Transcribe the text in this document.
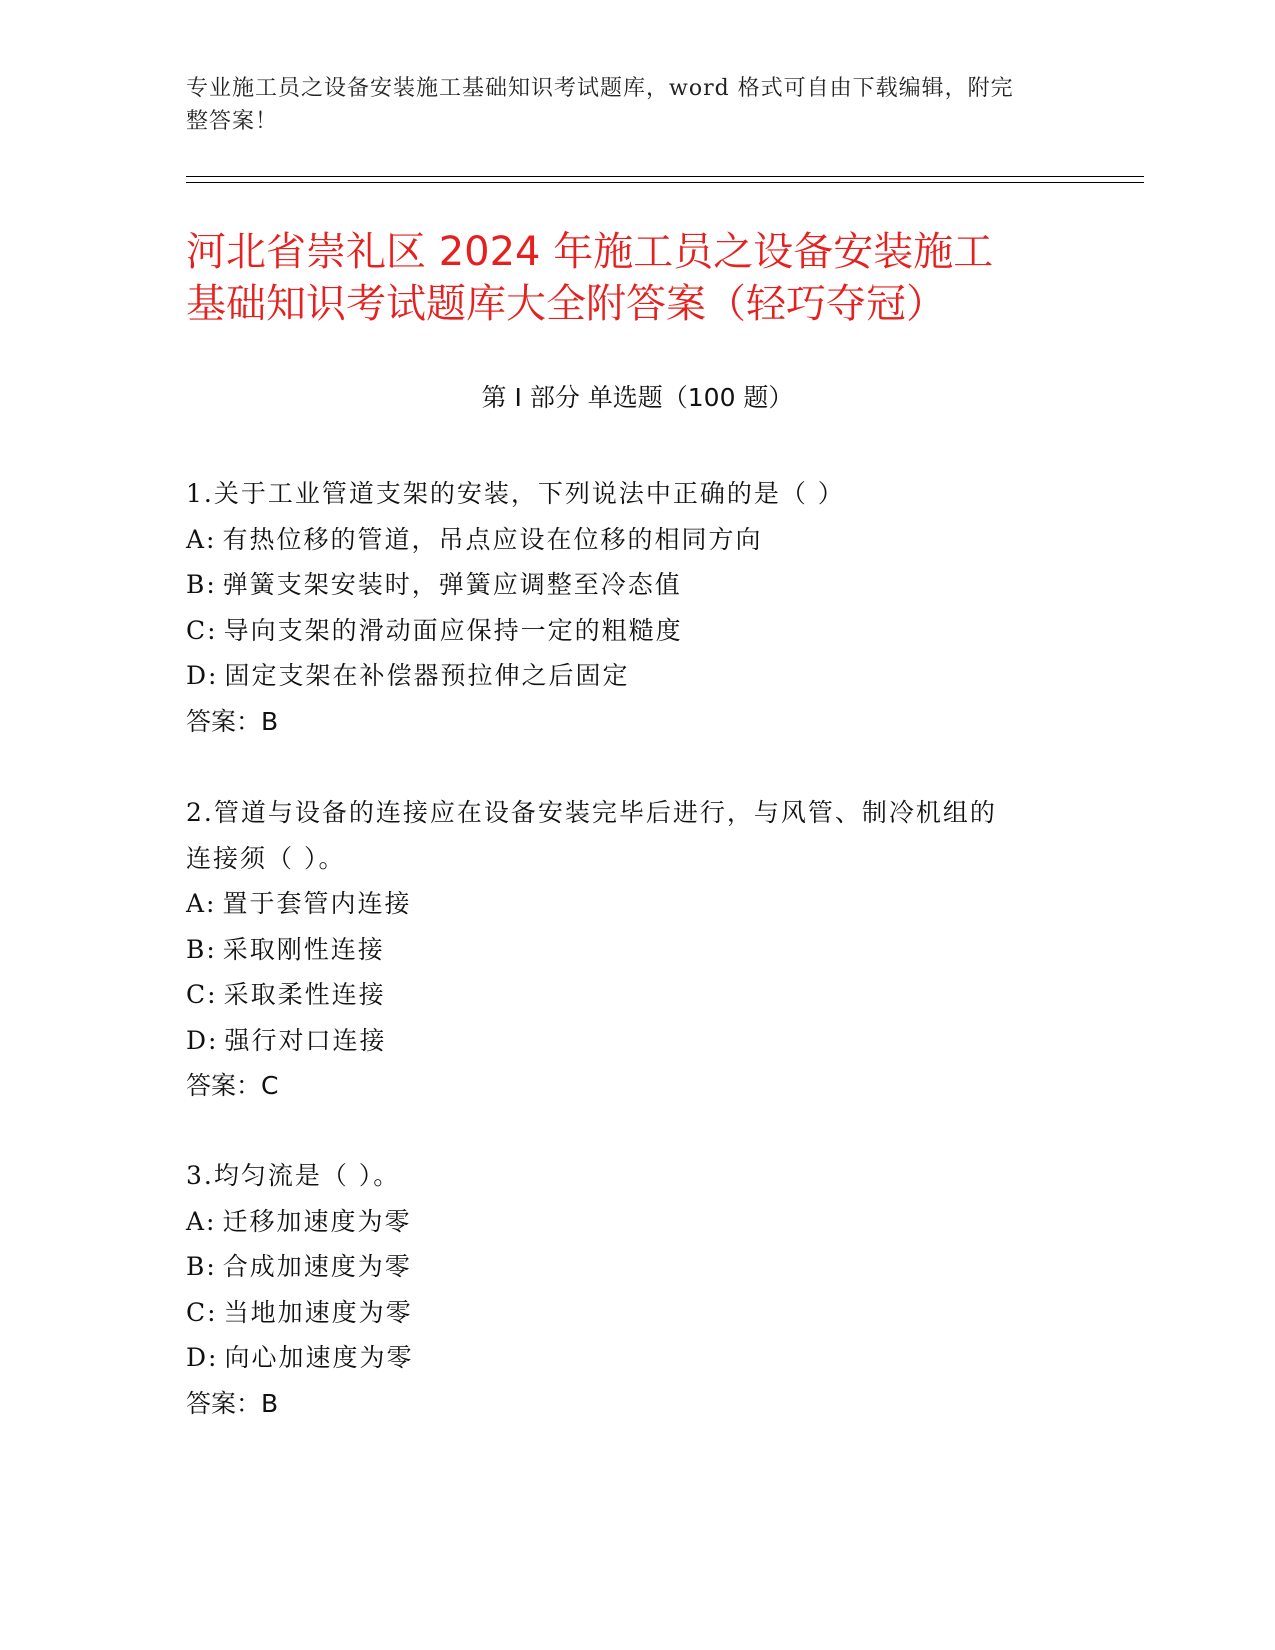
专业施工员之设备安装施工基础知识考试题库，word 格式可自由下载编辑，附完
整答案！
河北省崇礼区 2024 年施工员之设备安装施工
基础知识考试题库大全附答案（轻巧夺冠）
第 I 部分 单选题（100 题）
1.关于工业管道支架的安装，下列说法中正确的是（ ）
A: 有热位移的管道，吊点应设在位移的相同方向
B: 弹簧支架安装时，弹簧应调整至冷态值
C: 导向支架的滑动面应保持一定的粗糙度
D: 固定支架在补偿器预拉伸之后固定
答案：B
2.管道与设备的连接应在设备安装完毕后进行，与风管、制冷机组的
连接须（ ）。
A: 置于套管内连接
B: 采取刚性连接
C: 采取柔性连接
D: 强行对口连接
答案：C
3.均匀流是（ ）。
A: 迁移加速度为零
B: 合成加速度为零
C: 当地加速度为零
D: 向心加速度为零
答案：B
